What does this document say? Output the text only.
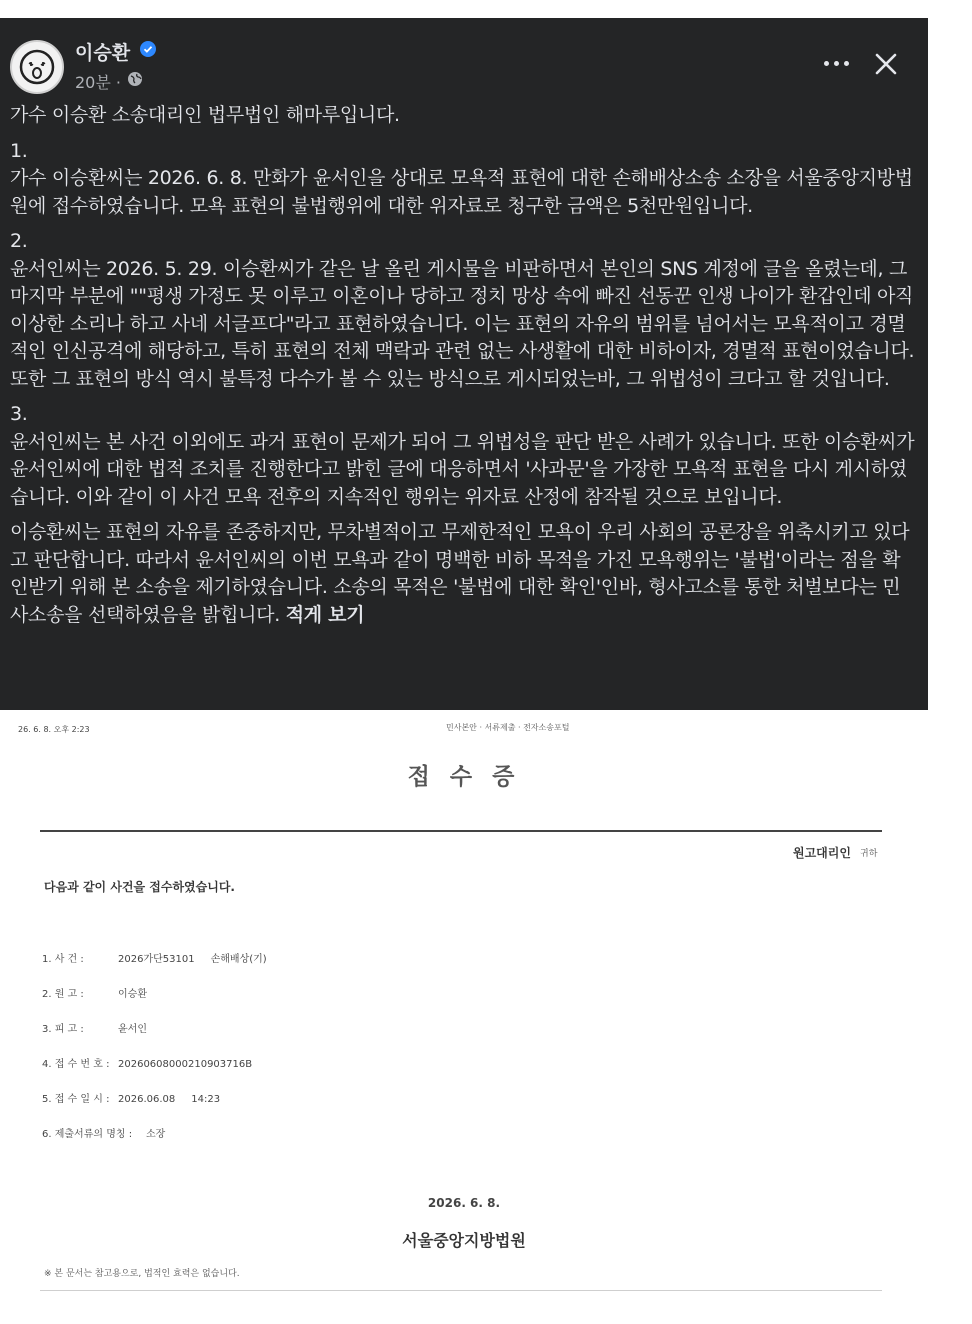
이승환
20분 ·

가수 이승환 소송대리인 법무법인 해마루입니다.

1.

가수 이승환씨는 2026. 6. 8. 만화가 윤서인을 상대로 모욕적 표현에 대한 손해배상소송 소장을 서울중앙지방법원에 접수하였습니다. 모욕 표현의 불법행위에 대한 위자료로 청구한 금액은 5천만원입니다.

2.

윤서인씨는 2026. 5. 29. 이승환씨가 같은 날 올린 게시물을 비판하면서 본인의 SNS 계정에 글을 올렸는데, 그 마지막 부분에 ""평생 가정도 못 이루고 이혼이나 당하고 정치 망상 속에 빠진 선동꾼 인생 나이가 환갑인데 아직 이상한 소리나 하고 사네 서글프다"라고 표현하였습니다. 이는 표현의 자유의 범위를 넘어서는 모욕적이고 경멸적인 인신공격에 해당하고, 특히 표현의 전체 맥락과 관련 없는 사생활에 대한 비하이자, 경멸적 표현이었습니다. 또한 그 표현의 방식 역시 불특정 다수가 볼 수 있는 방식으로 게시되었는바, 그 위법성이 크다고 할 것입니다.

3.

윤서인씨는 본 사건 이외에도 과거 표현이 문제가 되어 그 위법성을 판단 받은 사례가 있습니다. 또한 이승환씨가 윤서인씨에 대한 법적 조치를 진행한다고 밝힌 글에 대응하면서 '사과문'을 가장한 모욕적 표현을 다시 게시하였습니다. 이와 같이 이 사건 모욕 전후의 지속적인 행위는 위자료 산정에 참작될 것으로 보입니다.

이승환씨는 표현의 자유를 존중하지만, 무차별적이고 무제한적인 모욕이 우리 사회의 공론장을 위축시키고 있다고 판단합니다. 따라서 윤서인씨의 이번 모욕과 같이 명백한 비하 목적을 가진 모욕행위는 '불법'이라는 점을 확인받기 위해 본 소송을 제기하였습니다. 소송의 목적은 '불법에 대한 확인'인바, 형사고소를 통한 처벌보다는 민사소송을 선택하였음을 밝힙니다. 적게 보기

26. 6. 8. 오후 2:23	민사본안 · 서류제출 · 전자소송포털
접 수 증
원고대리인 귀하
다음과 같이 사건을 접수하였습니다.
1. 사 건 :	2026가단53101 손해배상(기)
2. 원 고 :	이승환
3. 피 고 :	윤서인
4. 접 수 번 호 : 20260608000210903716B
5. 접 수 일 시 : 2026.06.08 14:23
6. 제출서류의 명칭 : 소장
2026. 6. 8.
서울중앙지방법원
※ 본 문서는 참고용으로, 법적인 효력은 없습니다.
